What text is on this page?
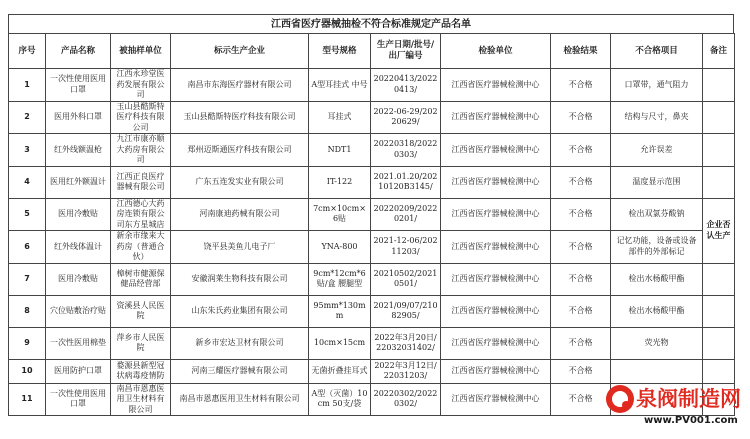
江西省医疗器械抽检不符合标准规定产品名单
序号	产品名称	被抽样单位	标示生产企业	型号规格	生产日期/批号/出厂编号	检验单位	检验结果	不合格项目	备注
1	一次性使用医用口罩	江西永珍堂医药发展有限公司	南昌市东海医疗器材有限公司	A型耳挂式 中号	20220413/20220413/	江西省医疗器械检测中心	不合格	口罩带，通气阻力	
2	医用外科口罩	玉山县酷斯特医疗科技有限公司	玉山县酷斯特医疗科技有限公司	耳挂式	2022-06-29/20220629/	江西省医疗器械检测中心	不合格	结构与尺寸，鼻夹	
3	红外线额温枪	九江市康亦顺大药房有限公司	郑州迈斯通医疗科技有限公司	NDT1	20220318/20220303/	江西省医疗器械检测中心	不合格	允许误差	
4	医用红外额温计	江西正良医疗器械有限公司	广东五连发实业有限公司	IT-122	2021.01.20/20210120B3145/	江西省医疗器械检测中心	不合格	温度显示范围	
5	医用冷敷贴	江西德心大药房连锁有限公司东方星城店	河南康迪药械有限公司	7cm×10cm×6贴	20220209/20220201/	江西省医疗器械检测中心	不合格	检出双氯芬酸钠	企业否认生产
6	红外线体温计	新余市缘来大药房（普通合伙）	饶平县美鱼儿电子厂	YNA-800	2021-12-06/20211203/	江西省医疗器械检测中心	不合格	记忆功能，设备或设备部件的外部标记	
7	医用冷敷贴	樟树市健源保健品经营部	安徽润莱生物科技有限公司	9cm*12cm*6贴/盒 腰腿型	20210502/20210501/	江西省医疗器械检测中心	不合格	检出水杨酸甲酯	
8	穴位贴敷治疗贴	资溪县人民医院	山东朱氏药业集团有限公司	95mm*130mm	2021/09/07/21082905/	江西省医疗器械检测中心	不合格	检出水杨酸甲酯	
9	一次性医用棉垫	萍乡市人民医院	新乡市宏达卫材有限公司	10cm×15cm	2022年3月20日/22032031402/	江西省医疗器械检测中心	不合格	荧光物	
10	医用防护口罩	婺源县新型冠状病毒疫情防	河南三耀医疗器械有限公司	无菌折叠挂耳式	2022年3月12日/22031203/	江西省医疗器械检测中心	不合格		
11	一次性使用医用口罩	南昌市恩惠医用卫生材料有限公司	南昌市恩惠医用卫生材料有限公司	A型（灭菌）10cm 50支/袋	20220302/20220302/	江西省医疗器械检测中心	不合格		泉阀制造网
www.PV001.com
